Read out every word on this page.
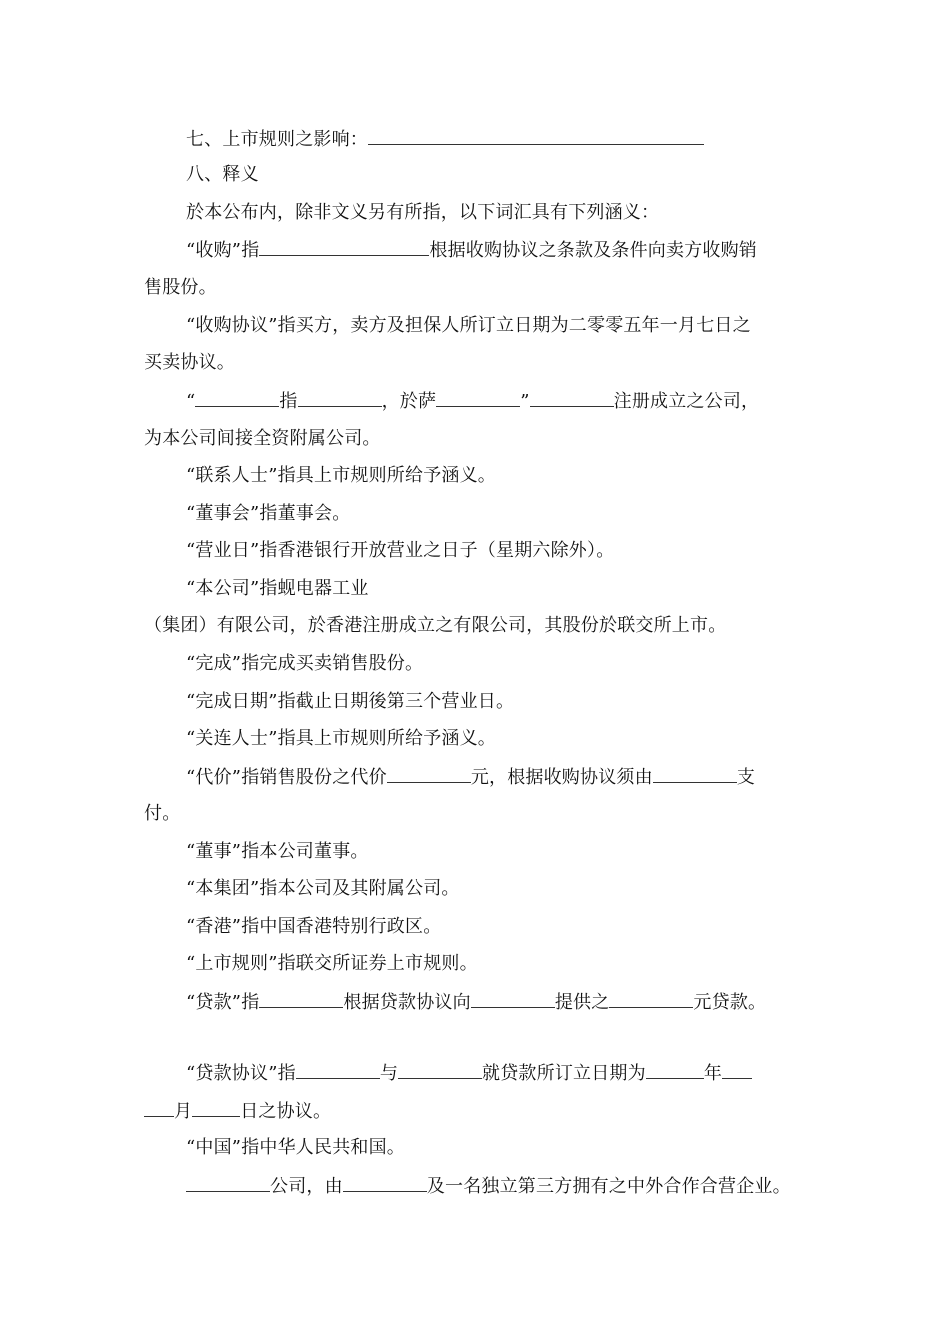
七、上市规则之影响：
八、释义
於本公布内，除非文义另有所指，以下词汇具有下列涵义：
“收购”指	根据收购协议之条款及条件向卖方收购销
售股份。
“收购协议”指买方，卖方及担保人所订立日期为二零零五年一月七日之
买卖协议。
“	指	，於萨	”	注册成立之公司，
为本公司间接全资附属公司。
“联系人士”指具上市规则所给予涵义。
“董事会”指董事会。
“营业日”指香港银行开放营业之日子（星期六除外）。
“本公司”指蚬电器工业
（集团）有限公司，於香港注册成立之有限公司，其股份於联交所上市。
“完成”指完成买卖销售股份。
“完成日期”指截止日期後第三个营业日。
“关连人士”指具上市规则所给予涵义。
“代价”指销售股份之代价	元，根据收购协议须由	支
付。
“董事”指本公司董事。
“本集团”指本公司及其附属公司。
“香港”指中国香港特别行政区。
“上市规则”指联交所证券上市规则。
“贷款”指	根据贷款协议向	提供之	元贷款。
“贷款协议”指	与	就贷款所订立日期为	年
月	日之协议。
“中国”指中华人民共和国。
公司，由	及一名独立第三方拥有之中外合作合营企业。
